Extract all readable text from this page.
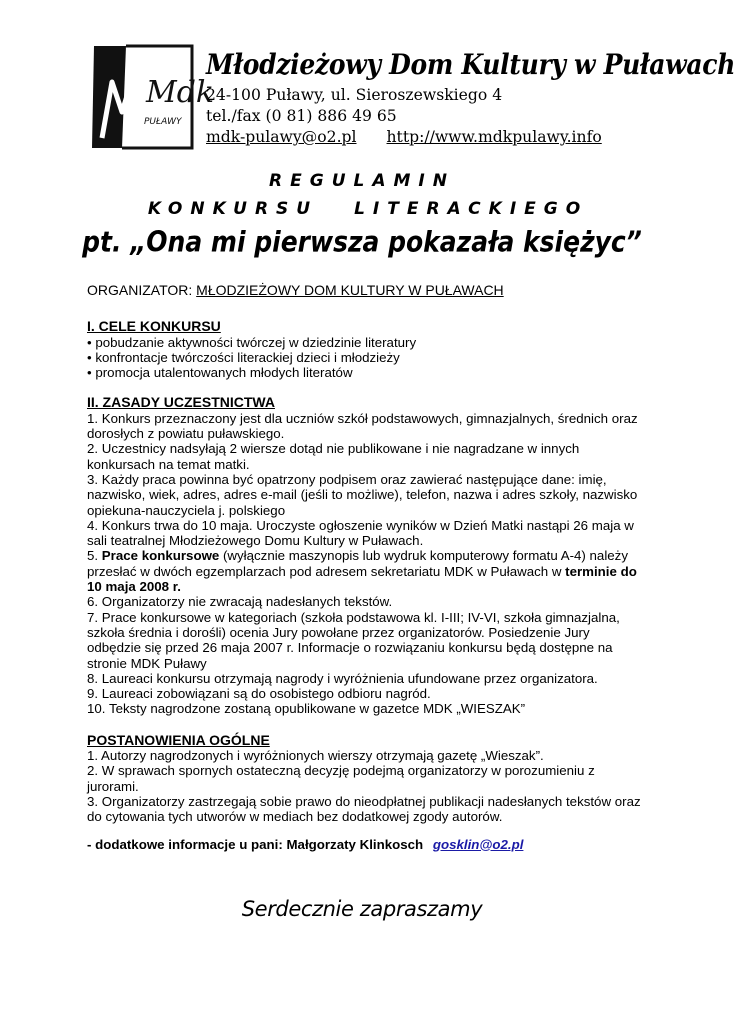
Mdk
PUŁAWY
Młodzieżowy Dom Kultury w Puławach
24-100 Puławy, ul. Sieroszewskiego 4
tel./fax (0 81) 886 49 65
mdk-pulawy@o2.pl http://www.mdkpulawy.info
REGULAMIN
KONKURSU LITERACKIEGO
pt. „Ona mi pierwsza pokazała księżyc”

ORGANIZATOR: MŁODZIEŻOWY DOM KULTURY W PUŁAWACH

I. CELE KONKURSU

• pobudzanie aktywności twórczej w dziedzinie literatury

• konfrontacje twórczości literackiej dzieci i młodzieży

• promocja utalentowanych młodych literatów

II. ZASADY UCZESTNICTWA

1. Konkurs przeznaczony jest dla uczniów szkół podstawowych, gimnazjalnych, średnich oraz dorosłych z powiatu puławskiego.

2. Uczestnicy nadsyłają 2 wiersze dotąd nie publikowane i nie nagradzane w innych konkursach na temat matki.

3. Każdy praca powinna być opatrzony podpisem oraz zawierać następujące dane: imię, nazwisko, wiek, adres, adres e-mail (jeśli to możliwe), telefon, nazwa i adres szkoły, nazwisko opiekuna-nauczyciela j. polskiego

4. Konkurs trwa do 10 maja. Uroczyste ogłoszenie wyników w Dzień Matki nastąpi 26 maja w sali teatralnej Młodzieżowego Domu Kultury w Puławach.

5. Prace konkursowe (wyłącznie maszynopis lub wydruk komputerowy formatu A-4) należy przesłać w dwóch egzemplarzach pod adresem sekretariatu MDK w Puławach w terminie do 10 maja 2008 r.

6. Organizatorzy nie zwracają nadesłanych tekstów.

7. Prace konkursowe w kategoriach (szkoła podstawowa kl. I-III; IV-VI, szkoła gimnazjalna, szkoła średnia i dorośli) ocenia Jury powołane przez organizatorów. Posiedzenie Jury odbędzie się przed 26 maja 2007 r. Informacje o rozwiązaniu konkursu będą dostępne na stronie MDK Puławy

8. Laureaci konkursu otrzymają nagrody i wyróżnienia ufundowane przez organizatora.

9. Laureaci zobowiązani są do osobistego odbioru nagród.

10. Teksty nagrodzone zostaną opublikowane w gazetce MDK „WIESZAK”

POSTANOWIENIA OGÓLNE

1. Autorzy nagrodzonych i wyróżnionych wierszy otrzymają gazetę „Wieszak”.

2. W sprawach spornych ostateczną decyzję podejmą organizatorzy w porozumieniu z jurorami.

3. Organizatorzy zastrzegają sobie prawo do nieodpłatnej publikacji nadesłanych tekstów oraz do cytowania tych utworów w mediach bez dodatkowej zgody autorów.

- dodatkowe informacje u pani: Małgorzaty Klinkosch gosklin@o2.pl

Serdecznie zapraszamy
